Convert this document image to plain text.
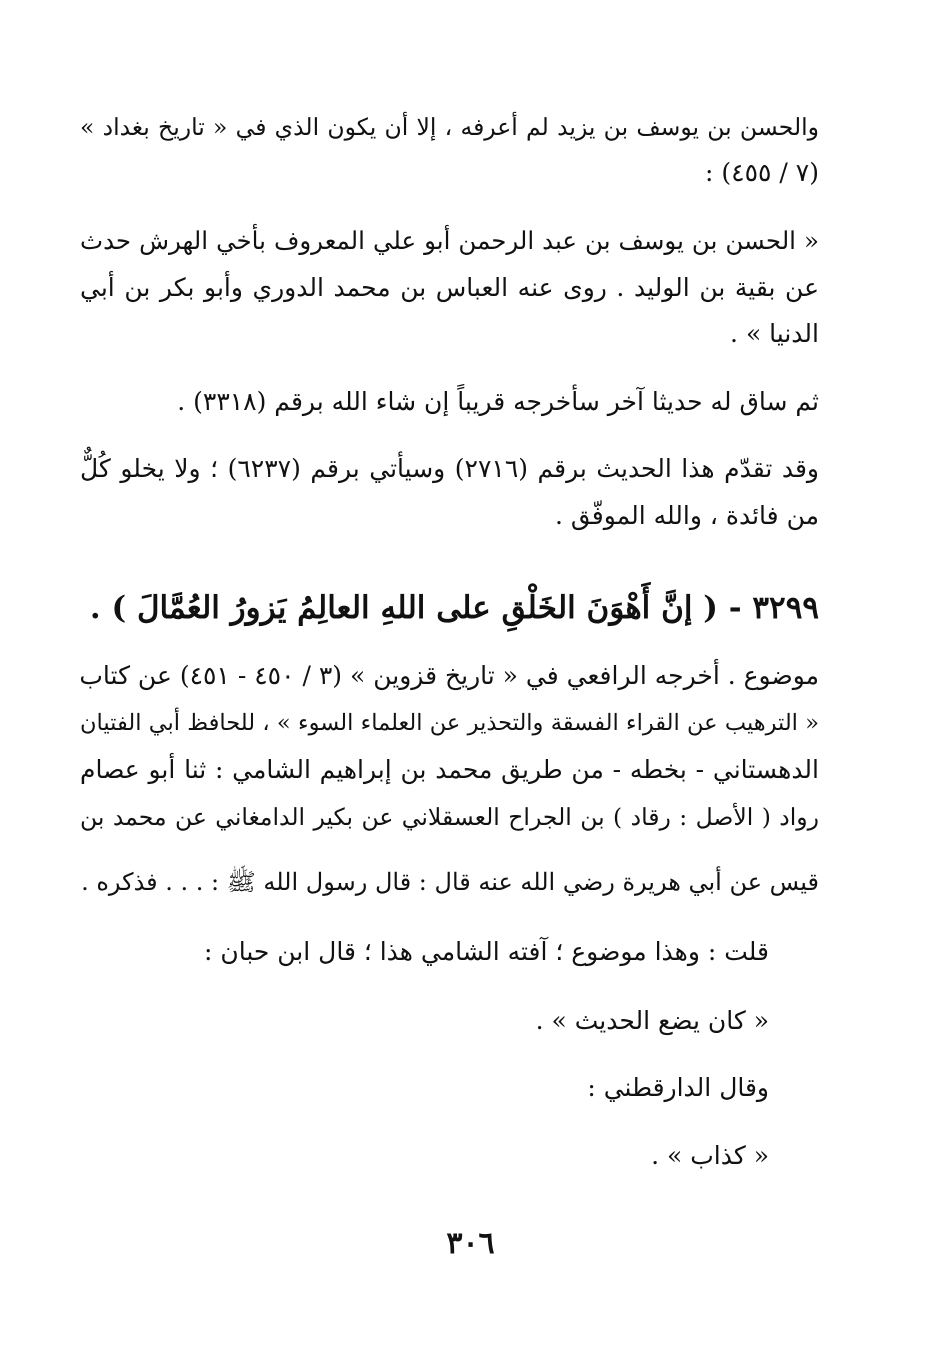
والحسن بن يوسف بن يزيد لم أعرفه ، إلا أن يكون الذي في « تاريخ بغداد »
(٧ / ٤٥٥) :
« الحسن بن يوسف بن عبد الرحمن أبو علي المعروف بأخي الهرش حدث
عن بقية بن الوليد . روى عنه العباس بن محمد الدوري وأبو بكر بن أبي
الدنيا » .
ثم ساق له حديثا آخر سأخرجه قريباً إن شاء الله برقم (٣٣١٨) .
وقد تقدّم هذا الحديث برقم (٢٧١٦) وسيأتي برقم (٦٢٣٧) ؛ ولا يخلو كُلٌّ
من فائدة ، والله الموفّق .
٣٢٩٩ - ( إنَّ أَهْوَنَ الخَلْقِ على اللهِ العالِمُ يَزورُ العُمَّالَ ) .
موضوع . أخرجه الرافعي في « تاريخ قزوين » (٣ / ٤٥٠ - ٤٥١) عن كتاب
« الترهيب عن القراء الفسقة والتحذير عن العلماء السوء » ، للحافظ أبي الفتيان
الدهستاني - بخطه - من طريق محمد بن إبراهيم الشامي : ثنا أبو عصام
رواد ( الأصل : رقاد ) بن الجراح العسقلاني عن بكير الدامغاني عن محمد بن
قيس عن أبي هريرة رضي الله عنه قال : قال رسول الله ﷺ : . . . فذكره .
قلت : وهذا موضوع ؛ آفته الشامي هذا ؛ قال ابن حبان :
« كان يضع الحديث » .
وقال الدارقطني :
« كذاب » .
٣٠٦
